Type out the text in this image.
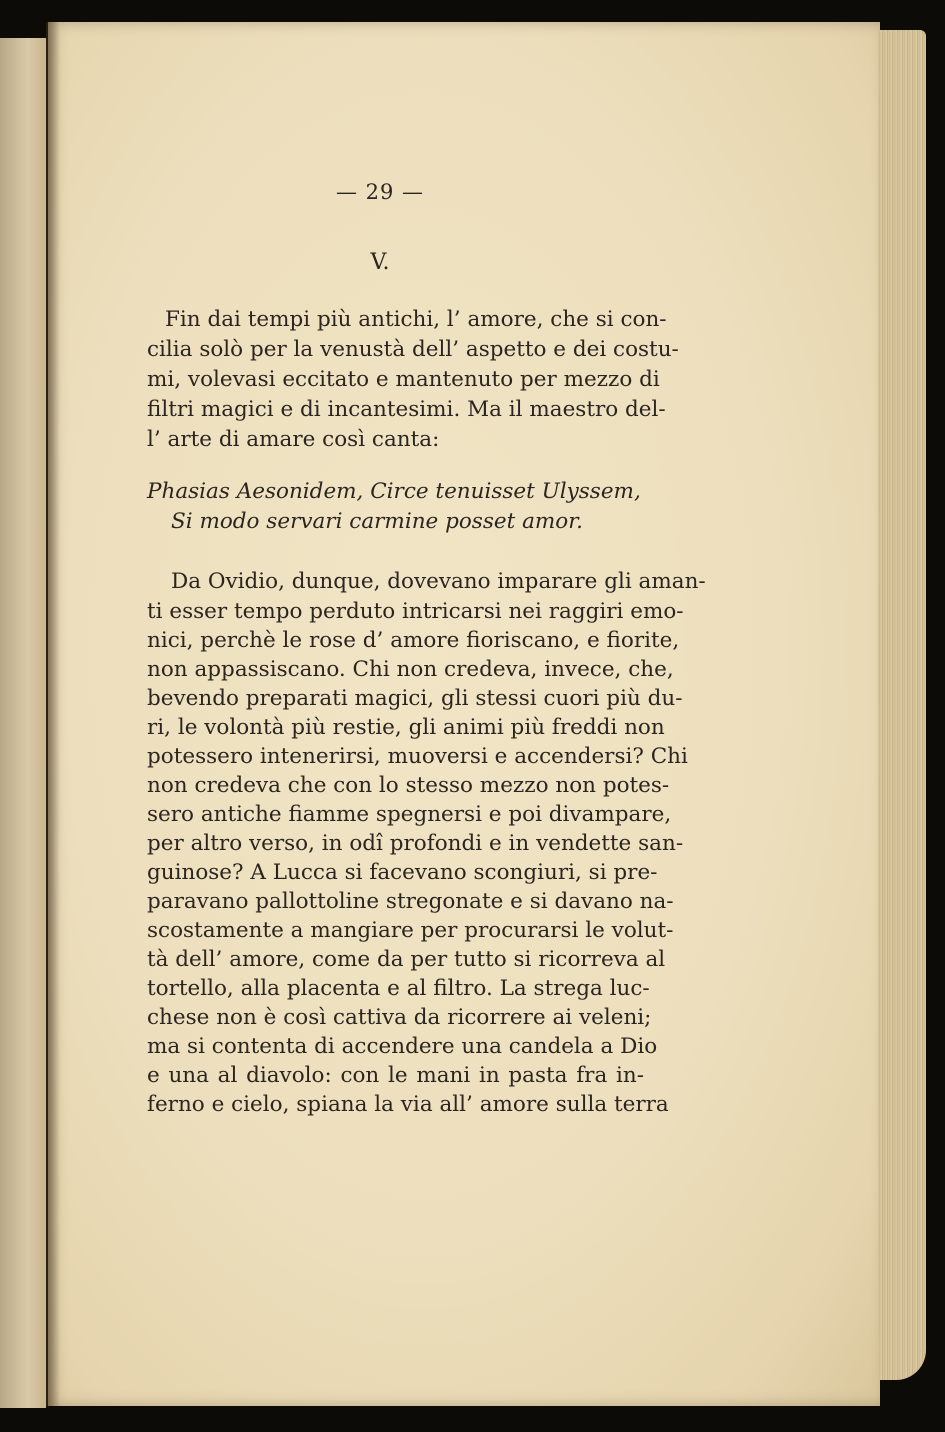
— 29 —
V.
Fin dai tempi più antichi, l’ amore, che si con-
cilia solò per la venustà dell’ aspetto e dei costu-
mi, volevasi eccitato e mantenuto per mezzo di
filtri magici e di incantesimi. Ma il maestro del-
l’ arte di amare così canta:
Phasias Aesonidem, Circe tenuisset Ulyssem,
Si modo servari carmine posset amor.
Da Ovidio, dunque, dovevano imparare gli aman-
ti esser tempo perduto intricarsi nei raggiri emo-
nici, perchè le rose d’ amore fioriscano, e fiorite,
non appassiscano. Chi non credeva, invece, che,
bevendo preparati magici, gli stessi cuori più du-
ri, le volontà più restie, gli animi più freddi non
potessero intenerirsi, muoversi e accendersi? Chi
non credeva che con lo stesso mezzo non potes-
sero antiche fiamme spegnersi e poi divampare,
per altro verso, in odî profondi e in vendette san-
guinose? A Lucca si facevano scongiuri, si pre-
paravano pallottoline stregonate e si davano na-
scostamente a mangiare per procurarsi le volut-
tà dell’ amore, come da per tutto si ricorreva al
tortello, alla placenta e al filtro. La strega luc-
chese non è così cattiva da ricorrere ai veleni;
ma si contenta di accendere una candela a Dio
e una al diavolo: con le mani in pasta fra in-
ferno e cielo, spiana la via all’ amore sulla terra
